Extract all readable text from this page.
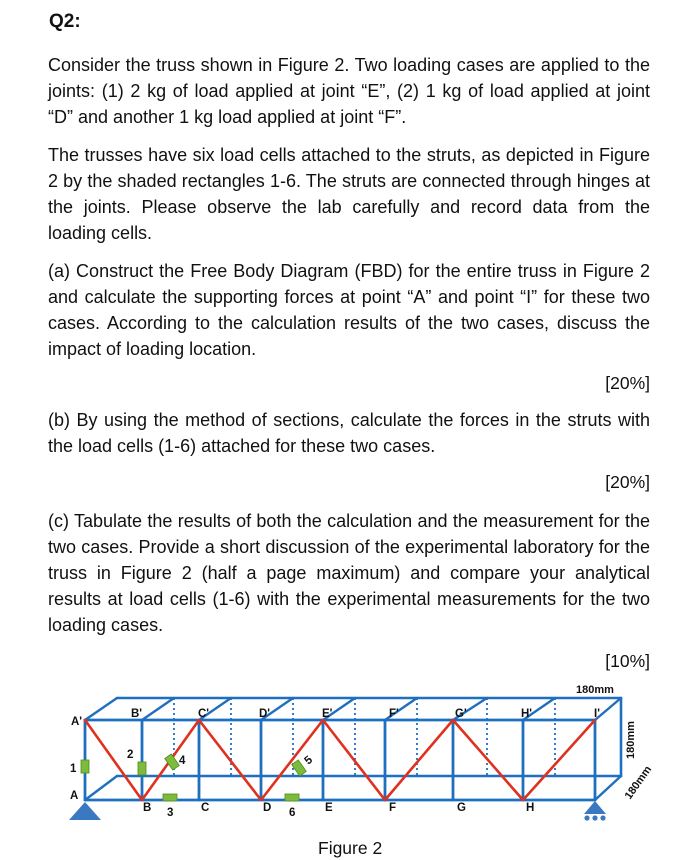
Q2:

Consider the truss shown in Figure 2. Two loading cases are applied to the joints: (1) 2 kg of load applied at joint “E”, (2) 1 kg of load applied at joint “D” and another 1 kg load applied at joint “F”.

The trusses have six load cells attached to the struts, as depicted in Figure 2 by the shaded rectangles 1-6. The struts are connected through hinges at the joints. Please observe the lab carefully and record data from the loading cells.

(a) Construct the Free Body Diagram (FBD) for the entire truss in Figure 2 and calculate the supporting forces at point “A” and point “I” for these two cases. According to the calculation results of the two cases, discuss the impact of loading location.

[20%]

(b) By using the method of sections, calculate the forces in the struts with the load cells (1-6) attached for these two cases.

[20%]

(c) Tabulate the results of both the calculation and the measurement for the two cases. Provide a short discussion of the experimental laboratory for the truss in Figure 2 (half a page maximum) and compare your analytical results at load cells (1-6) with the experimental measurements for the two loading cases.

[10%]
A'
B'	C'	D'	E'	F'	G'	H'	I'
A
B	C	D	E	F	G	H
1
2
3
4	5
6
180mm
180mm
180mm
Figure 2
